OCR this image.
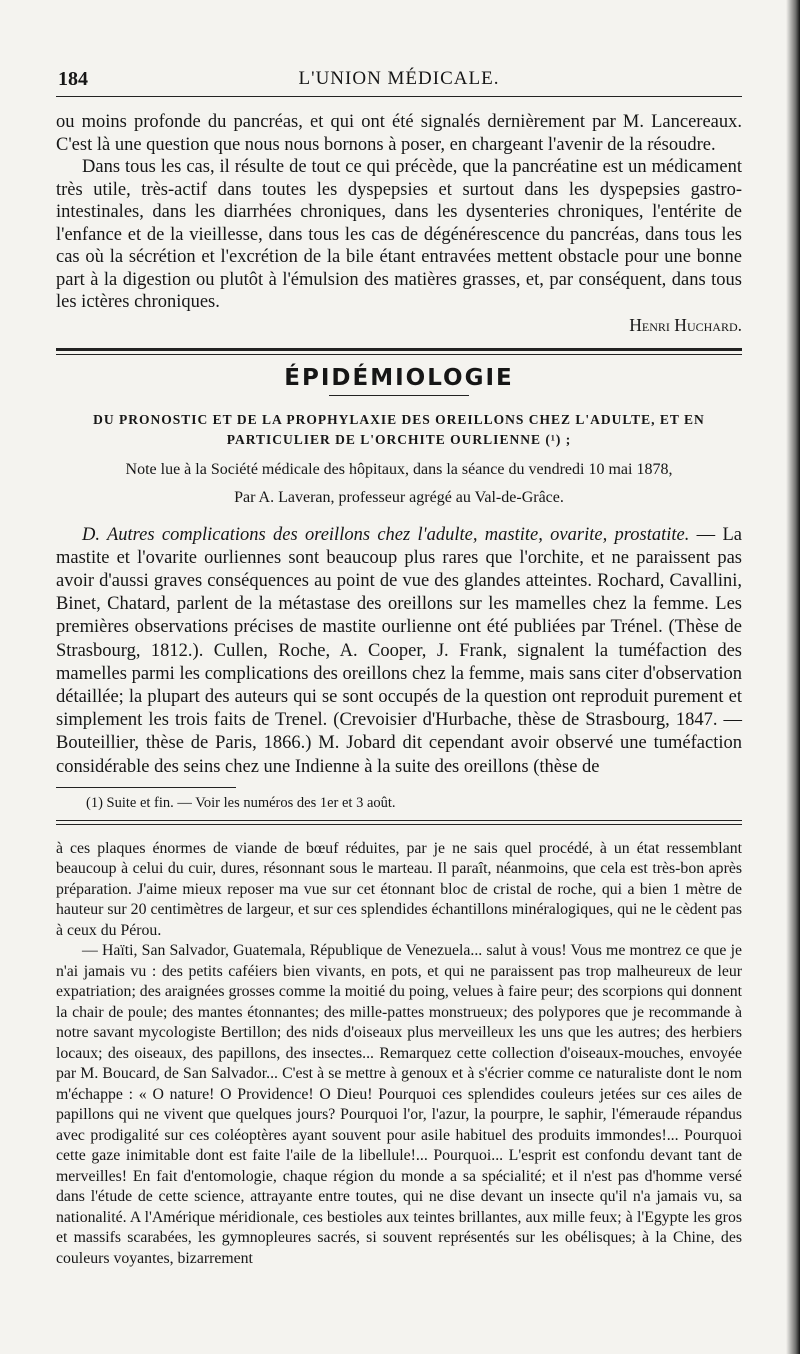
184	L'UNION MÉDICALE.

ou moins profonde du pancréas, et qui ont été signalés dernièrement par M. Lancereaux. C'est là une question que nous nous bornons à poser, en chargeant l'avenir de la résoudre.

Dans tous les cas, il résulte de tout ce qui précède, que la pancréatine est un médicament très utile, très-actif dans toutes les dyspepsies et surtout dans les dyspepsies gastro-intestinales, dans les diarrhées chroniques, dans les dysenteries chroniques, l'entérite de l'enfance et de la vieillesse, dans tous les cas de dégénérescence du pancréas, dans tous les cas où la sécrétion et l'excrétion de la bile étant entravées mettent obstacle pour une bonne part à la digestion ou plutôt à l'émulsion des matières grasses, et, par conséquent, dans tous les ictères chroniques.

Henri Huchard.

ÉPIDÉMIOLOGIE
DU PRONOSTIC ET DE LA PROPHYLAXIE DES OREILLONS CHEZ L'ADULTE, ET EN
PARTICULIER DE L'ORCHITE OURLIENNE (¹) ;
Note lue à la Société médicale des hôpitaux, dans la séance du vendredi 10 mai 1878,
Par A. Laveran, professeur agrégé au Val-de-Grâce.

D. Autres complications des oreillons chez l'adulte, mastite, ovarite, prostatite. — La mastite et l'ovarite ourliennes sont beaucoup plus rares que l'orchite, et ne paraissent pas avoir d'aussi graves conséquences au point de vue des glandes atteintes. Rochard, Cavallini, Binet, Chatard, parlent de la métastase des oreillons sur les mamelles chez la femme. Les premières observations précises de mastite ourlienne ont été publiées par Trénel. (Thèse de Strasbourg, 1812.). Cullen, Roche, A. Cooper, J. Frank, signalent la tuméfaction des mamelles parmi les complications des oreillons chez la femme, mais sans citer d'observation détaillée; la plupart des auteurs qui se sont occupés de la question ont reproduit purement et simplement les trois faits de Trenel. (Crevoisier d'Hurbache, thèse de Strasbourg, 1847. — Bouteillier, thèse de Paris, 1866.) M. Jobard dit cependant avoir observé une tuméfaction considérable des seins chez une Indienne à la suite des oreillons (thèse de

(1) Suite et fin. — Voir les numéros des 1er et 3 août.

à ces plaques énormes de viande de bœuf réduites, par je ne sais quel procédé, à un état ressemblant beaucoup à celui du cuir, dures, résonnant sous le marteau. Il paraît, néanmoins, que cela est très-bon après préparation. J'aime mieux reposer ma vue sur cet étonnant bloc de cristal de roche, qui a bien 1 mètre de hauteur sur 20 centimètres de largeur, et sur ces splendides échantillons minéralogiques, qui ne le cèdent pas à ceux du Pérou.

— Haïti, San Salvador, Guatemala, République de Venezuela... salut à vous! Vous me montrez ce que je n'ai jamais vu : des petits caféiers bien vivants, en pots, et qui ne paraissent pas trop malheureux de leur expatriation; des araignées grosses comme la moitié du poing, velues à faire peur; des scorpions qui donnent la chair de poule; des mantes étonnantes; des mille-pattes monstrueux; des polypores que je recommande à notre savant mycologiste Bertillon; des nids d'oiseaux plus merveilleux les uns que les autres; des herbiers locaux; des oiseaux, des papillons, des insectes... Remarquez cette collection d'oiseaux-mouches, envoyée par M. Boucard, de San Salvador... C'est à se mettre à genoux et à s'écrier comme ce naturaliste dont le nom m'échappe : « O nature! O Providence! O Dieu! Pourquoi ces splendides couleurs jetées sur ces ailes de papillons qui ne vivent que quelques jours? Pourquoi l'or, l'azur, la pourpre, le saphir, l'émeraude répandus avec prodigalité sur ces coléoptères ayant souvent pour asile habituel des produits immondes!... Pourquoi cette gaze inimitable dont est faite l'aile de la libellule!... Pourquoi... L'esprit est confondu devant tant de merveilles! En fait d'entomologie, chaque région du monde a sa spécialité; et il n'est pas d'homme versé dans l'étude de cette science, attrayante entre toutes, qui ne dise devant un insecte qu'il n'a jamais vu, sa nationalité. A l'Amérique méridionale, ces bestioles aux teintes brillantes, aux mille feux; à l'Egypte les gros et massifs scarabées, les gymnopleures sacrés, si souvent représentés sur les obélisques; à la Chine, des couleurs voyantes, bizarrement
